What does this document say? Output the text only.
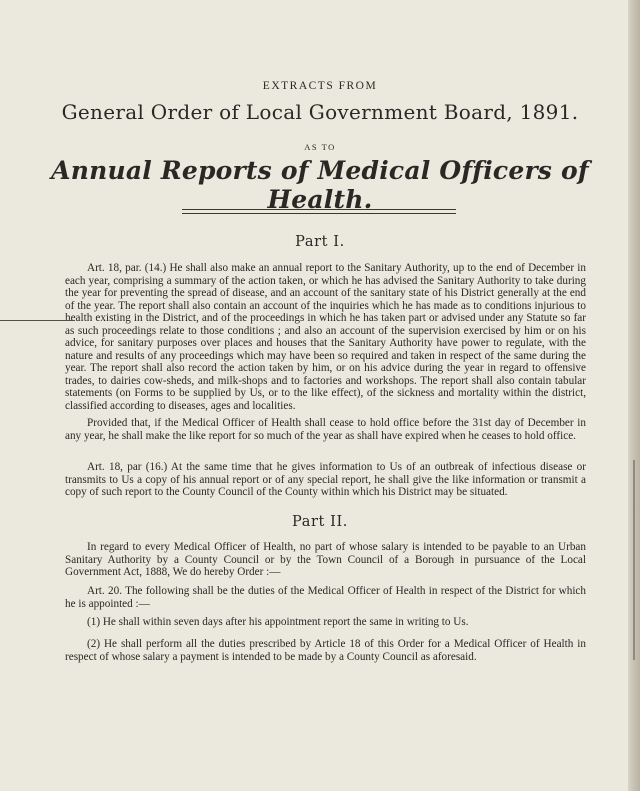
EXTRACTS FROM
General Order of Local Government Board, 1891.
AS TO
Annual Reports of Medical Officers of Health.
Part I.

Art. 18, par. (14.) He shall also make an annual report to the Sanitary Authority, up to the end of December in each year, comprising a summary of the action taken, or which he has advised the Sanitary Authority to take during the year for preventing the spread of disease, and an account of the sanitary state of his District generally at the end of the year. The report shall also contain an account of the inquiries which he has made as to conditions injurious to health existing in the District, and of the proceedings in which he has taken part or advised under any Statute so far as such proceedings relate to those conditions ; and also an account of the supervision exercised by him or on his advice, for sanitary purposes over places and houses that the Sanitary Authority have power to regulate, with the nature and results of any proceedings which may have been so required and taken in respect of the same during the year. The report shall also record the action taken by him, or on his advice during the year in regard to offensive trades, to dairies cow-sheds, and milk-shops and to factories and workshops. The report shall also contain tabular statements (on Forms to be supplied by Us, or to the like effect), of the sickness and mortality within the district, classified according to diseases, ages and localities.

Provided that, if the Medical Officer of Health shall cease to hold office before the 31st day of December in any year, he shall make the like report for so much of the year as shall have expired when he ceases to hold office.

Art. 18, par (16.) At the same time that he gives information to Us of an outbreak of infectious disease or transmits to Us a copy of his annual report or of any special report, he shall give the like information or transmit a copy of such report to the County Council of the County within which his District may be situated.

Part II.

In regard to every Medical Officer of Health, no part of whose salary is intended to be payable to an Urban Sanitary Authority by a County Council or by the Town Council of a Borough in pursuance of the Local Government Act, 1888, We do hereby Order :—

Art. 20. The following shall be the duties of the Medical Officer of Health in respect of the District for which he is appointed :—

(1) He shall within seven days after his appointment report the same in writing to Us.

(2) He shall perform all the duties prescribed by Article 18 of this Order for a Medical Officer of Health in respect of whose salary a payment is intended to be made by a County Council as aforesaid.
